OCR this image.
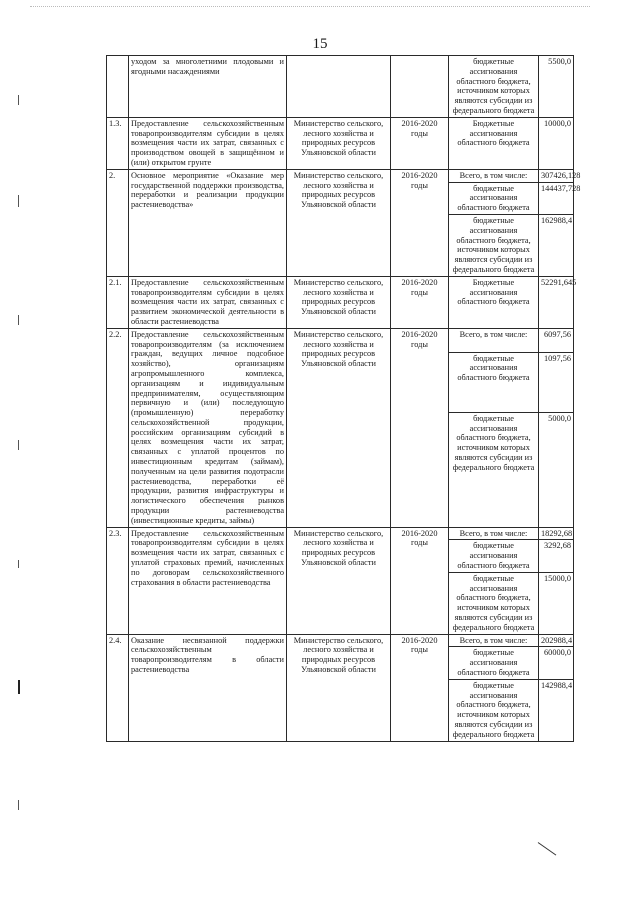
15
	уходом за многолетними плодовыми и ягодными насаждениями			бюджетные ассигнования областного бюджета, источником которых являются субсидии из федерального бюджета	5500,0
1.3.	Предоставление сельскохозяйственным товаропроизводителям субсидии в целях возмещения части их затрат, связанных с производством овощей в защищённом и (или) открытом грунте	Министерство сельского, лесного хозяйства и природных ресурсов Ульяновской области	2016-2020 годы	Бюджетные ассигнования областного бюджета	10000,0
2.	Основное мероприятие «Оказание мер государственной поддержки производства, переработки и реализации продукции растениеводства»	Министерство сельского, лесного хозяйства и природных ресурсов Ульяновской области	2016-2020 годы	Всего, в том числе:	307426,128
				бюджетные ассигнования областного бюджета	144437,728
				бюджетные ассигнования областного бюджета, источником которых являются субсидии из федерального бюджета	162988,4
2.1.	Предоставление сельскохозяйственным товаропроизводителям субсидии в целях возмещения части их затрат, связанных с развитием экономической деятельности в области растениеводства	Министерство сельского, лесного хозяйства и природных ресурсов Ульяновской области	2016-2020 годы	Бюджетные ассигнования областного бюджета	52291,645
2.2.	Предоставление сельскохозяйственным товаропроизводителям (за исключением граждан, ведущих личное подсобное хозяйство), организациям агропромышленного комплекса, организациям и индивидуальным предпринимателям, осуществляющим первичную и (или) последующую (промышленную) переработку сельскохозяйственной продукции, российским организациям субсидий в целях возмещения части их затрат, связанных с уплатой процентов по инвестиционным кредитам (займам), полученным на цели развития подотрасли растениеводства, переработки её продукции, развития инфраструктуры и логистического обеспечения рынков продукции растениеводства (инвестиционные кредиты, займы)	Министерство сельского, лесного хозяйства и природных ресурсов Ульяновской области	2016-2020 годы	Всего, в том числе:	6097,56
				бюджетные ассигнования областного бюджета	1097,56
				бюджетные ассигнования областного бюджета, источником которых являются субсидии из федерального бюджета	5000,0
2.3.	Предоставление сельскохозяйственным товаропроизводителям субсидии в целях возмещения части их затрат, связанных с уплатой страховых премий, начисленных по договорам сельскохозяйственного страхования в области растениеводства	Министерство сельского, лесного хозяйства и природных ресурсов Ульяновской области	2016-2020 годы	Всего, в том числе:	18292,68
				бюджетные ассигнования областного бюджета	3292,68
				бюджетные ассигнования областного бюджета, источником которых являются субсидии из федерального бюджета	15000,0
2.4.	Оказание несвязанной поддержки сельскохозяйственным товаропроизводителям в области растениеводства	Министерство сельского, лесного хозяйства и природных ресурсов Ульяновской области	2016-2020 годы	Всего, в том числе:	202988,4
				бюджетные ассигнования областного бюджета	60000,0
				бюджетные ассигнования областного бюджета, источником которых являются субсидии из федерального бюджета	142988,4
